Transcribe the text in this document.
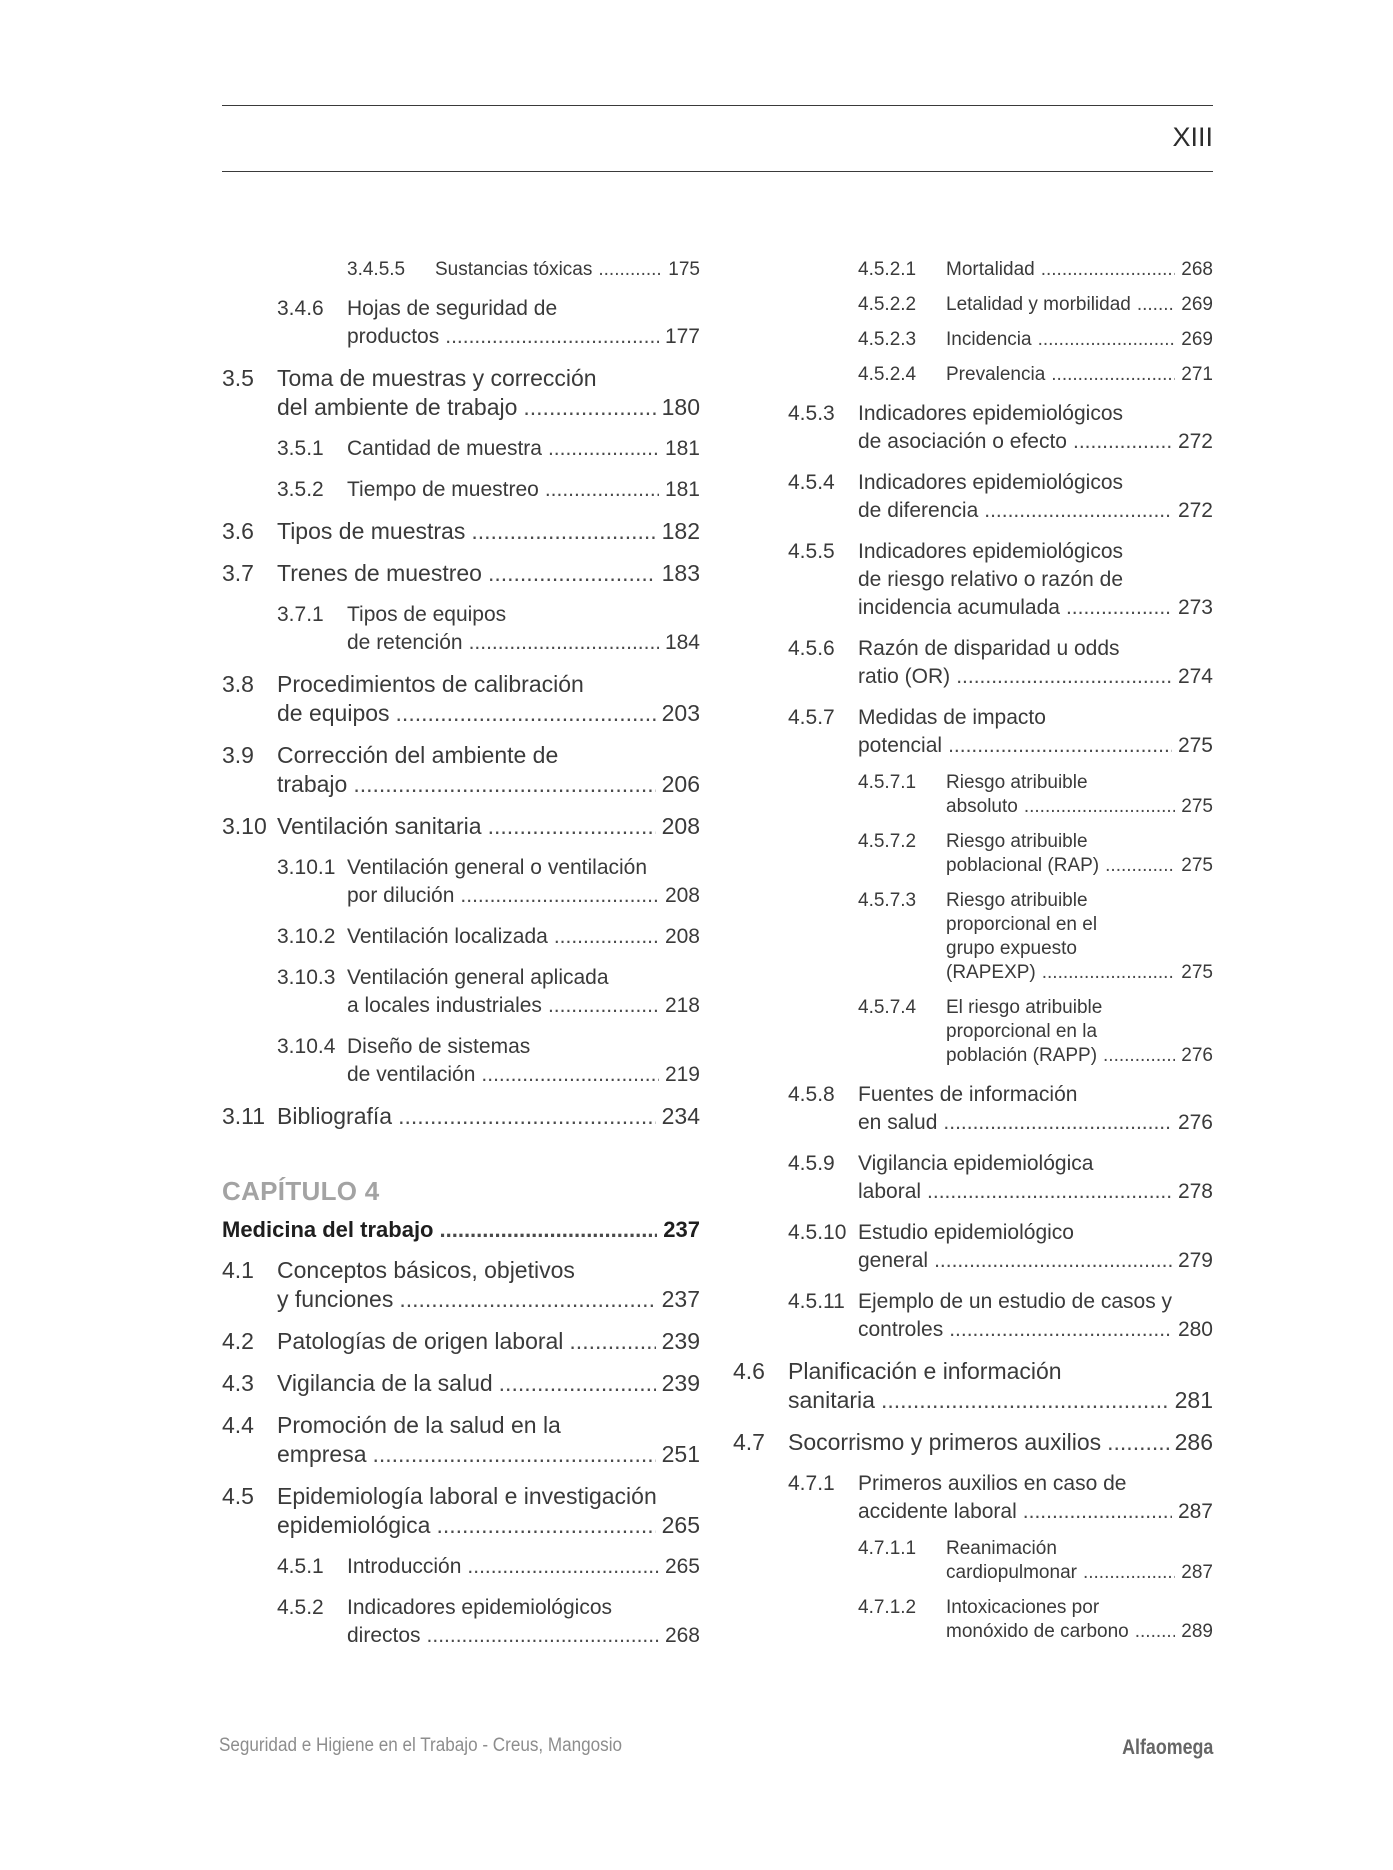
XIII
3.4.5.5 Sustancias tóxicas .....	175
3.4.6 Hojas de seguridad de
productos .....	177
3.5 Toma de muestras y corrección
del ambiente de trabajo .....	180
3.5.1 Cantidad de muestra .....	181
3.5.2 Tiempo de muestreo .....	181
3.6 Tipos de muestras .....	182
3.7 Trenes de muestreo .....	183
3.7.1 Tipos de equipos
de retención .....	184
3.8 Procedimientos de calibración
de equipos .....	203
3.9 Corrección del ambiente de
trabajo .....	206
3.10 Ventilación sanitaria .....	208
3.10.1 Ventilación general o ventilación
por dilución .....	208
3.10.2 Ventilación localizada .....	208
3.10.3 Ventilación general aplicada
a locales industriales .....	218
3.10.4 Diseño de sistemas
de ventilación .....	219
3.11 Bibliografía .....	234
CAPÍTULO 4
Medicina del trabajo .....	237
4.1 Conceptos básicos, objetivos
y funciones .....	237
4.2 Patologías de origen laboral .....	239
4.3 Vigilancia de la salud .....	239
4.4 Promoción de la salud en la
empresa .....	251
4.5 Epidemiología laboral e investigación
epidemiológica .....	265
4.5.1 Introducción .....	265
4.5.2 Indicadores epidemiológicos
directos .....	268
4.5.2.1 Mortalidad .....	268
4.5.2.2 Letalidad y morbilidad .....	269
4.5.2.3 Incidencia .....	269
4.5.2.4 Prevalencia .....	271
4.5.3 Indicadores epidemiológicos
de asociación o efecto .....	272
4.5.4 Indicadores epidemiológicos
de diferencia .....	272
4.5.5 Indicadores epidemiológicos
de riesgo relativo o razón de
incidencia acumulada .....	273
4.5.6 Razón de disparidad u odds
ratio (OR) .....	274
4.5.7 Medidas de impacto
potencial .....	275
4.5.7.1 Riesgo atribuible
absoluto .....	275
4.5.7.2 Riesgo atribuible
poblacional (RAP) .....	275
4.5.7.3 Riesgo atribuible
proporcional en el
grupo expuesto
(RAPEXP) .....	275
4.5.7.4 El riesgo atribuible
proporcional en la
población (RAPP) .....	276
4.5.8 Fuentes de información
en salud .....	276
4.5.9 Vigilancia epidemiológica
laboral .....	278
4.5.10 Estudio epidemiológico
general .....	279
4.5.11 Ejemplo de un estudio de casos y
controles .....	280
4.6 Planificación e información
sanitaria .....	281
4.7 Socorrismo y primeros auxilios .....	286
4.7.1 Primeros auxilios en caso de
accidente laboral .....	287
4.7.1.1 Reanimación
cardiopulmonar .....	287
4.7.1.2 Intoxicaciones por
monóxido de carbono .....	289
Seguridad e Higiene en el Trabajo - Creus, Mangosio	Alfaomega
